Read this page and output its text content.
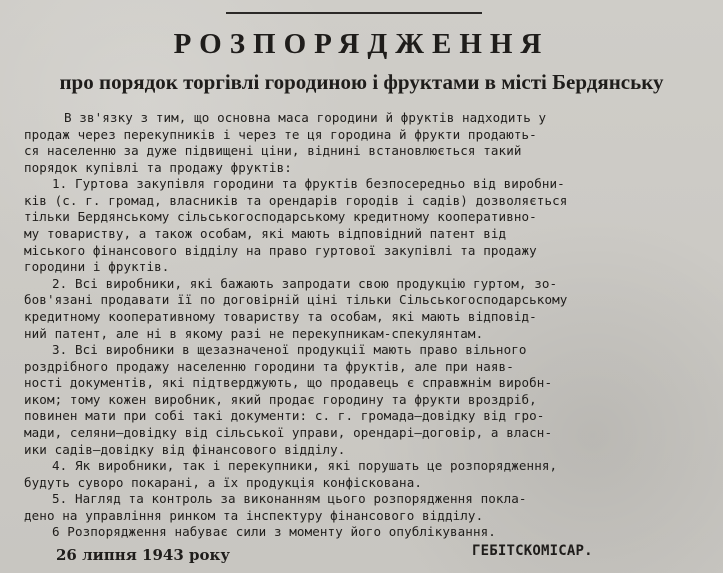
РОЗПОРЯДЖЕННЯ
про порядок торгівлі городиною і фруктами в місті Бердянську
В зв'язку з тим, що основна маса городини й фруктів надходить у
продаж через перекупників і через те ця городина й фрукти продають-
ся населенню за дуже підвищені ціни, віднині встановлюється такий
порядок купівлі та продажу фруктів:
1. Гуртова закупівля городини та фруктів безпосередньо від виробни-
ків (с. г. громад, власників та орендарів городів і садів) дозволяється
тільки Бердянському сільськогосподарському кредитному кооперативно-
му товариству, а також особам, які мають відповідний патент від
міського фінансового відділу на право гуртової закупівлі та продажу
городини і фруктів.
2. Всі виробники, які бажають запродати свою продукцію гуртом, зо-
бов'язані продавати її по договірній ціні тільки Сільськогосподарському
кредитному кооперативному товариству та особам, які мають відповід-
ний патент, але ні в якому разі не перекупникам-спекулянтам.
3. Всі виробники в щезазначеної продукції мають право вільного
роздрібного продажу населенню городини та фруктів, але при наяв-
ності документів, які підтверджують, що продавець є справжнім виробн-
иком; тому кожен виробник, який продає городину та фрукти вроздріб,
повинен мати при собі такі документи: с. г. громада—довідку від гро-
мади, селяни—довідку від сільської управи, орендарі—договір, а власн-
ики садів—довідку від фінансового відділу.
4. Як виробники, так і перекупники, які порушать це розпорядження,
будуть суворо покарані, а їх продукція конфіскована.
5. Нагляд та контроль за виконанням цього розпорядження покла-
дено на управління ринком та інспектуру фінансового відділу.
6 Розпорядження набуває сили з моменту його опублікування.
26 липня 1943 року	ГЕБІТСКОМІСАР.
